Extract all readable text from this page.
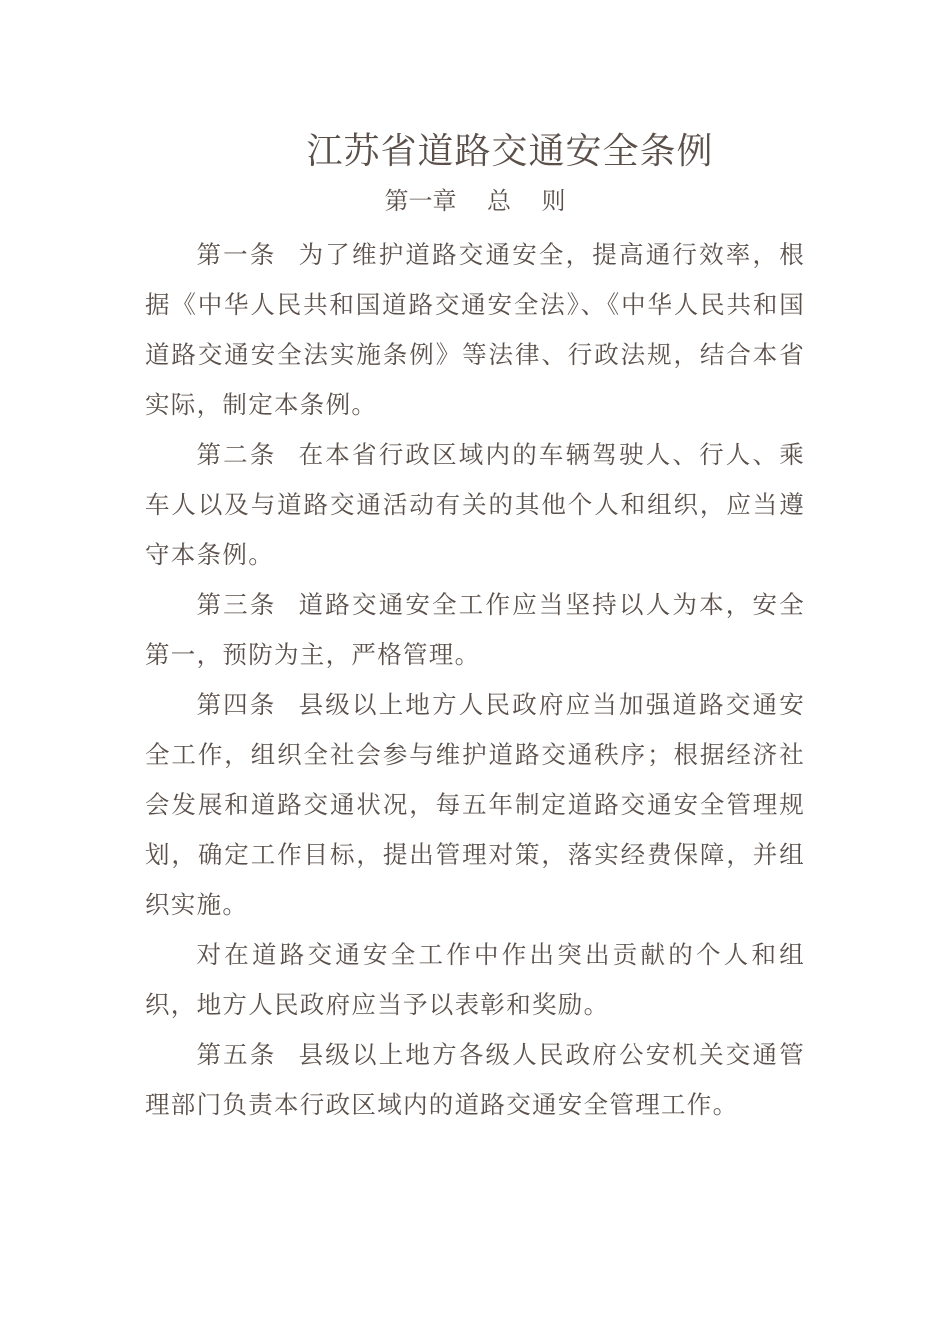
江苏省道路交通安全条例
第一章    总    则

第一条 为了维护道路交通安全，提高通行效率，根据《中华人民共和国道路交通安全法》、《中华人民共和国道路交通安全法实施条例》等法律、行政法规，结合本省实际，制定本条例。

第二条 在本省行政区域内的车辆驾驶人、行人、乘车人以及与道路交通活动有关的其他个人和组织，应当遵守本条例。

第三条 道路交通安全工作应当坚持以人为本，安全第一，预防为主，严格管理。

第四条 县级以上地方人民政府应当加强道路交通安全工作，组织全社会参与维护道路交通秩序；根据经济社会发展和道路交通状况，每五年制定道路交通安全管理规划，确定工作目标，提出管理对策，落实经费保障，并组织实施。

对在道路交通安全工作中作出突出贡献的个人和组织，地方人民政府应当予以表彰和奖励。

第五条 县级以上地方各级人民政府公安机关交通管理部门负责本行政区域内的道路交通安全管理工作。
